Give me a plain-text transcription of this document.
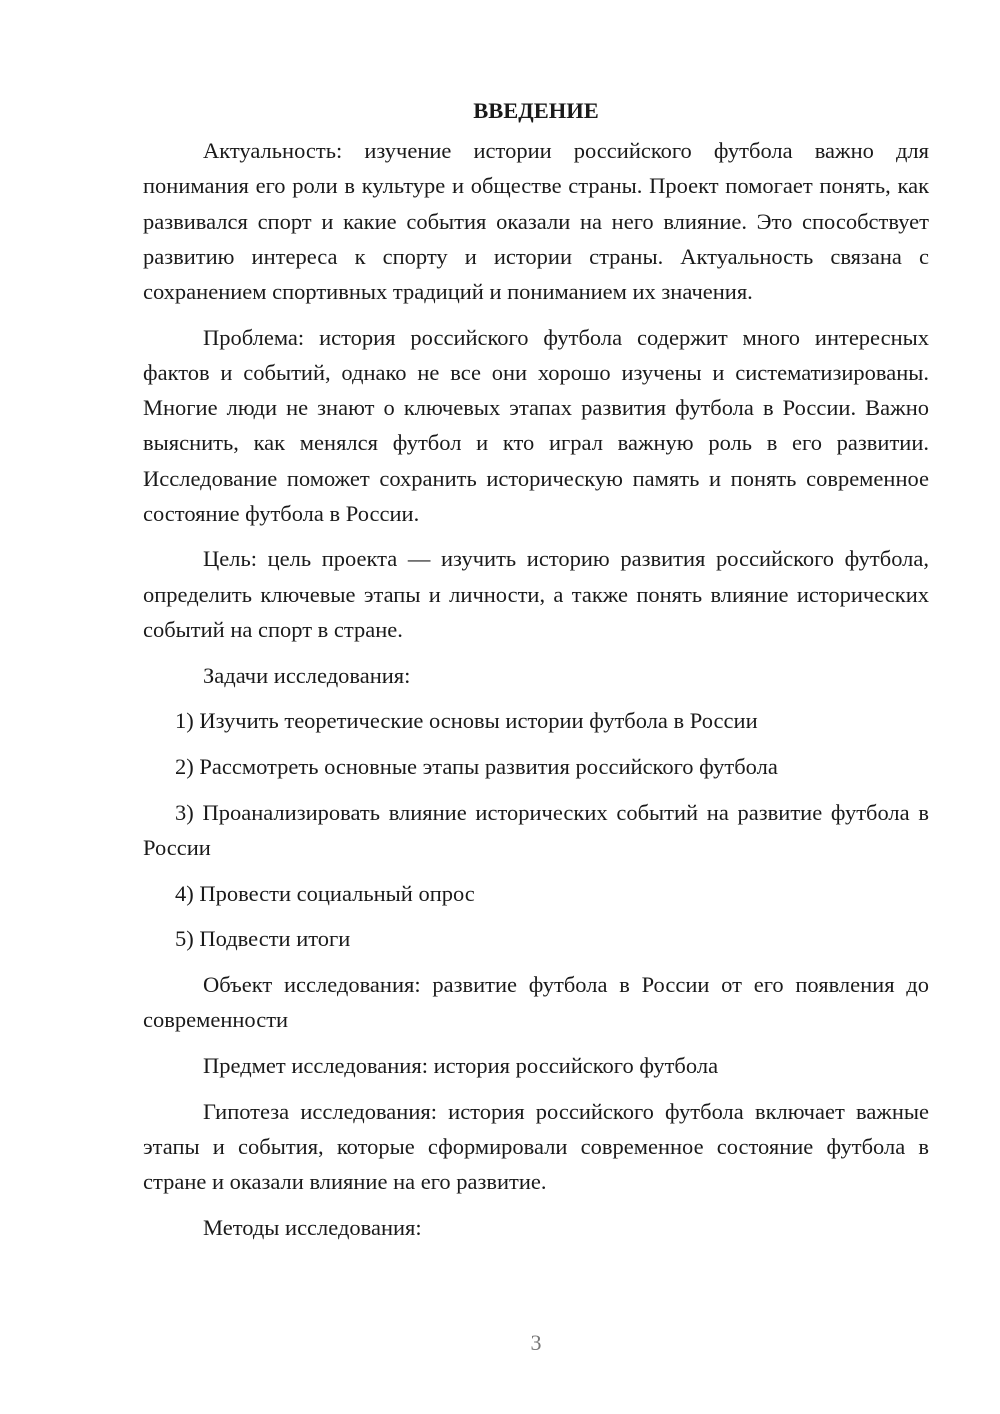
ВВЕДЕНИЕ

Актуальность: изучение истории российского футбола важно для понимания его роли в культуре и обществе страны. Проект помогает понять, как развивался спорт и какие события оказали на него влияние. Это способствует развитию интереса к спорту и истории страны. Актуальность связана с сохранением спортивных традиций и пониманием их значения.

Проблема: история российского футбола содержит много интересных фактов и событий, однако не все они хорошо изучены и систематизированы. Многие люди не знают о ключевых этапах развития футбола в России. Важно выяснить, как менялся футбол и кто играл важную роль в его развитии. Исследование поможет сохранить историческую память и понять современное состояние футбола в России.

Цель: цель проекта — изучить историю развития российского футбола, определить ключевые этапы и личности, а также понять влияние исторических событий на спорт в стране.

Задачи исследования:

1) Изучить теоретические основы истории футбола в России

2) Рассмотреть основные этапы развития российского футбола

3) Проанализировать влияние исторических событий на развитие футбола в России

4) Провести социальный опрос

5) Подвести итоги

Объект исследования: развитие футбола в России от его появления до современности

Предмет исследования: история российского футбола

Гипотеза исследования: история российского футбола включает важные этапы и события, которые сформировали современное состояние футбола в стране и оказали влияние на его развитие.

Методы исследования:

3
